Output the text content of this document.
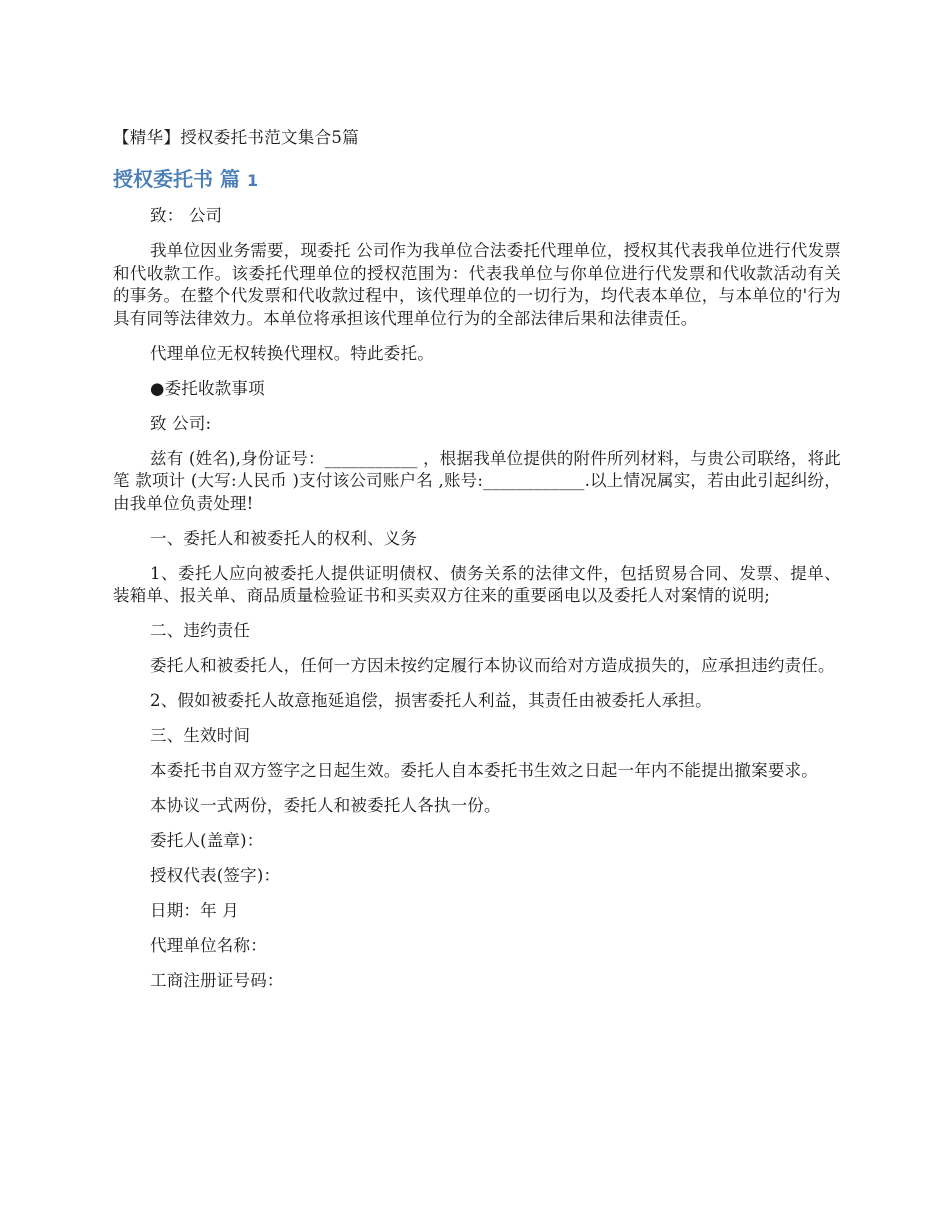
【精华】授权委托书范文集合5篇
授权委托书 篇 1
致： 公司
我单位因业务需要，现委托 公司作为我单位合法委托代理单位，授权其代表我单位进行代发票和代收款工作。该委托代理单位的授权范围为：代表我单位与你单位进行代发票和代收款活动有关的事务。在整个代发票和代收款过程中，该代理单位的一切行为，均代表本单位，与本单位的'行为具有同等法律效力。本单位将承担该代理单位行为的全部法律后果和法律责任。
代理单位无权转换代理权。特此委托。
●委托收款事项
致 公司:
兹有 (姓名),身份证号：___________ ，根据我单位提供的附件所列材料，与贵公司联络，将此笔 款项计 (大写:人民币 )支付该公司账户名 ,账号:____________.以上情况属实，若由此引起纠纷，由我单位负责处理!
一、委托人和被委托人的权利、义务
1、委托人应向被委托人提供证明债权、债务关系的法律文件，包括贸易合同、发票、提单、装箱单、报关单、商品质量检验证书和买卖双方往来的重要函电以及委托人对案情的说明;
二、违约责任
委托人和被委托人，任何一方因未按约定履行本协议而给对方造成损失的，应承担违约责任。
2、假如被委托人故意拖延追偿，损害委托人利益，其责任由被委托人承担。
三、生效时间
本委托书自双方签字之日起生效。委托人自本委托书生效之日起一年内不能提出撤案要求。
本协议一式两份，委托人和被委托人各执一份。
委托人(盖章)：
授权代表(签字)：
日期：年 月
代理单位名称：
工商注册证号码：
